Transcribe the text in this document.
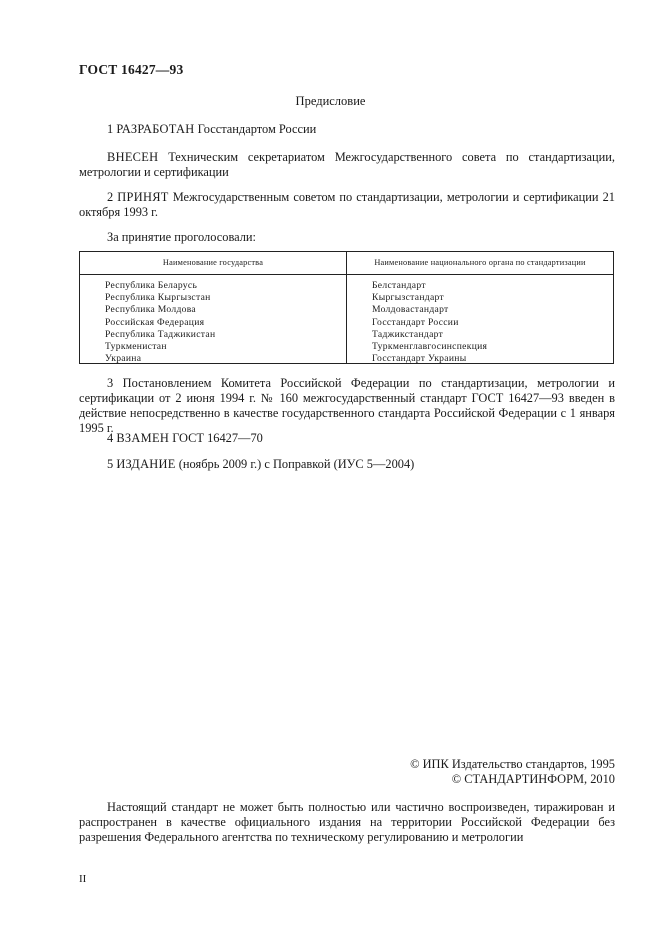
ГОСТ 16427—93
Предисловие
1 РАЗРАБОТАН Госстандартом России
ВНЕСЕН Техническим секретариатом Межгосударственного совета по стандартизации, метрологии и сертификации
2 ПРИНЯТ Межгосударственным советом по стандартизации, метрологии и сертификации 21 октября 1993 г.
За принятие проголосовали:
Наименование государства	Наименование национального органа по стандартизации
Республика Беларусь
Республика Кыргызстан
Республика Молдова
Российская Федерация
Республика Таджикистан
Туркменистан
Украина
Белстандарт
Кыргызстандарт
Молдовастандарт
Госстандарт России
Таджикстандарт
Туркменглавгосинспекция
Госстандарт Украины
3 Постановлением Комитета Российской Федерации по стандартизации, метрологии и сертификации от 2 июня 1994 г. № 160 межгосударственный стандарт ГОСТ 16427—93 введен в действие непосредственно в качестве государственного стандарта Российской Федерации с 1 января 1995 г.
4 ВЗАМЕН ГОСТ 16427—70
5 ИЗДАНИЕ (ноябрь 2009 г.) с Поправкой (ИУС 5—2004)
© ИПК Издательство стандартов, 1995
© СТАНДАРТИНФОРМ, 2010
Настоящий стандарт не может быть полностью или частично воспроизведен, тиражирован и распространен в качестве официального издания на территории Российской Федерации без разрешения Федерального агентства по техническому регулированию и метрологии
II
